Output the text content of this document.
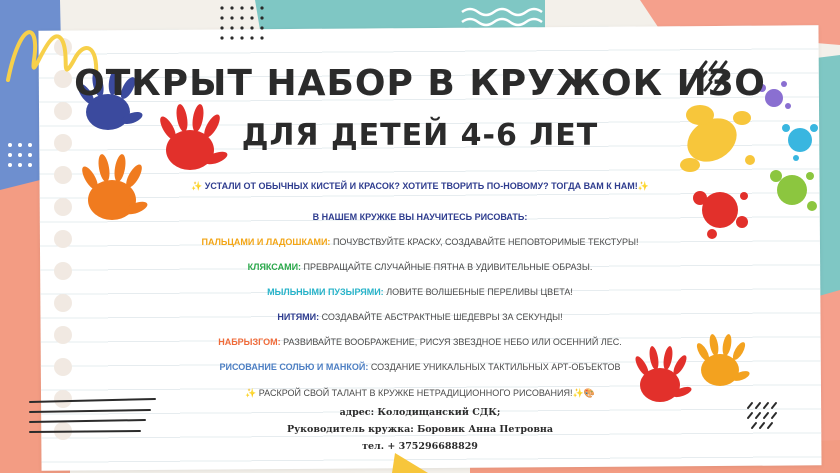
ОТКРЫТ НАБОР В КРУЖОК ИЗО
ДЛЯ ДЕТЕЙ 4-6 ЛЕТ
✨ УСТАЛИ ОТ ОБЫЧНЫХ КИСТЕЙ И КРАСОК? ХОТИТЕ ТВОРИТЬ ПО-НОВОМУ? ТОГДА ВАМ К НАМ!✨
В НАШЕМ КРУЖКЕ ВЫ НАУЧИТЕСЬ РИСОВАТЬ:
ПАЛЬЦАМИ И ЛАДОШКАМИ: ПОЧУВСТВУЙТЕ КРАСКУ, СОЗДАВАЙТЕ НЕПОВТОРИМЫЕ ТЕКСТУРЫ!
КЛЯКСАМИ: ПРЕВРАЩАЙТЕ СЛУЧАЙНЫЕ ПЯТНА В УДИВИТЕЛЬНЫЕ ОБРАЗЫ.
МЫЛЬНЫМИ ПУЗЫРЯМИ: ЛОВИТЕ ВОЛШЕБНЫЕ ПЕРЕЛИВЫ ЦВЕТА!
НИТЯМИ: СОЗДАВАЙТЕ АБСТРАКТНЫЕ ШЕДЕВРЫ ЗА СЕКУНДЫ!
НАБРЫЗГОМ: РАЗВИВАЙТЕ ВООБРАЖЕНИЕ, РИСУЯ ЗВЕЗДНОЕ НЕБО ИЛИ ОСЕННИЙ ЛЕС.
РИСОВАНИЕ СОЛЬЮ И МАНКОЙ: СОЗДАНИЕ УНИКАЛЬНЫХ ТАКТИЛЬНЫХ АРТ-ОБЪЕКТОВ
✨ РАСКРОЙ СВОЙ ТАЛАНТ В КРУЖКЕ НЕТРАДИЦИОННОГО РИСОВАНИЯ!✨🎨
адрес: Колодищанский СДК;
Руководитель кружка: Боровик Анна Петровна
тел. + 375296688829
